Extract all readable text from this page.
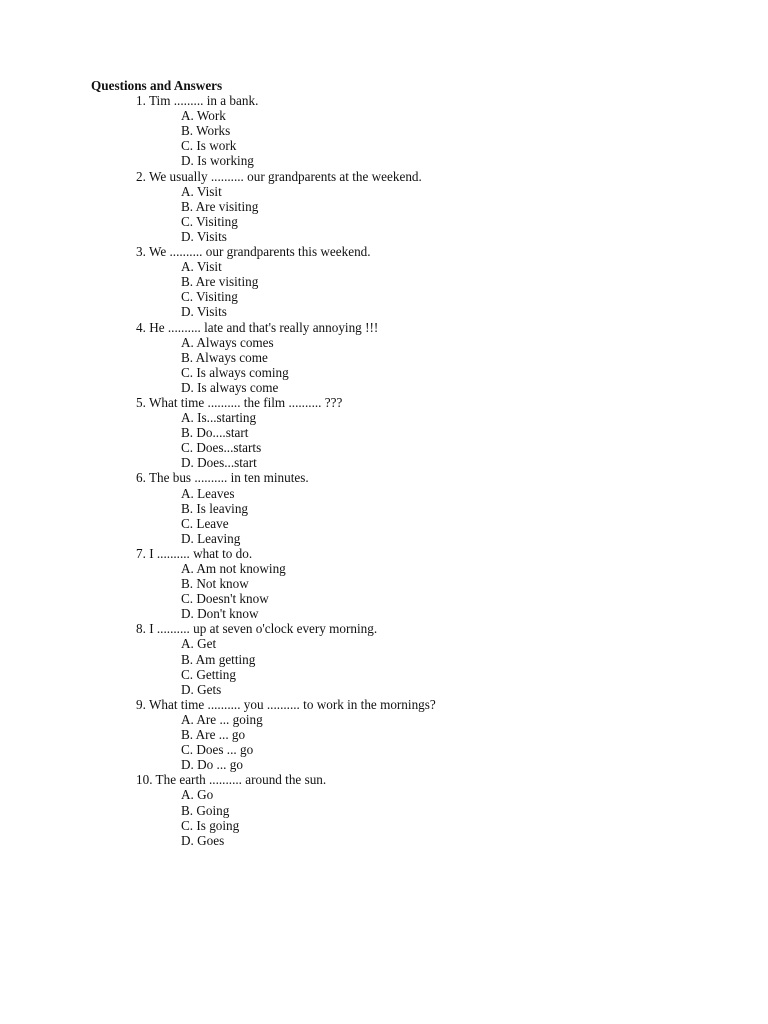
Questions and Answers
1. Tim ......... in a bank.
A. Work
B. Works
C. Is work
D. Is working
2. We usually .......... our grandparents at the weekend.
A. Visit
B. Are visiting
C. Visiting
D. Visits
3. We .......... our grandparents this weekend.
A. Visit
B. Are visiting
C. Visiting
D. Visits
4. He .......... late and that's really annoying !!!
A. Always comes
B. Always come
C. Is always coming
D. Is always come
5. What time .......... the film .......... ???
A. Is...starting
B. Do....start
C. Does...starts
D. Does...start
6. The bus .......... in ten minutes.
A. Leaves
B. Is leaving
C. Leave
D. Leaving
7. I .......... what to do.
A. Am not knowing
B. Not know
C. Doesn't know
D. Don't know
8. I .......... up at seven o'clock every morning.
A. Get
B. Am getting
C. Getting
D. Gets
9. What time .......... you .......... to work in the mornings?
A. Are ... going
B. Are ... go
C. Does ... go
D. Do ... go
10. The earth .......... around the sun.
A. Go
B. Going
C. Is going
D. Goes
